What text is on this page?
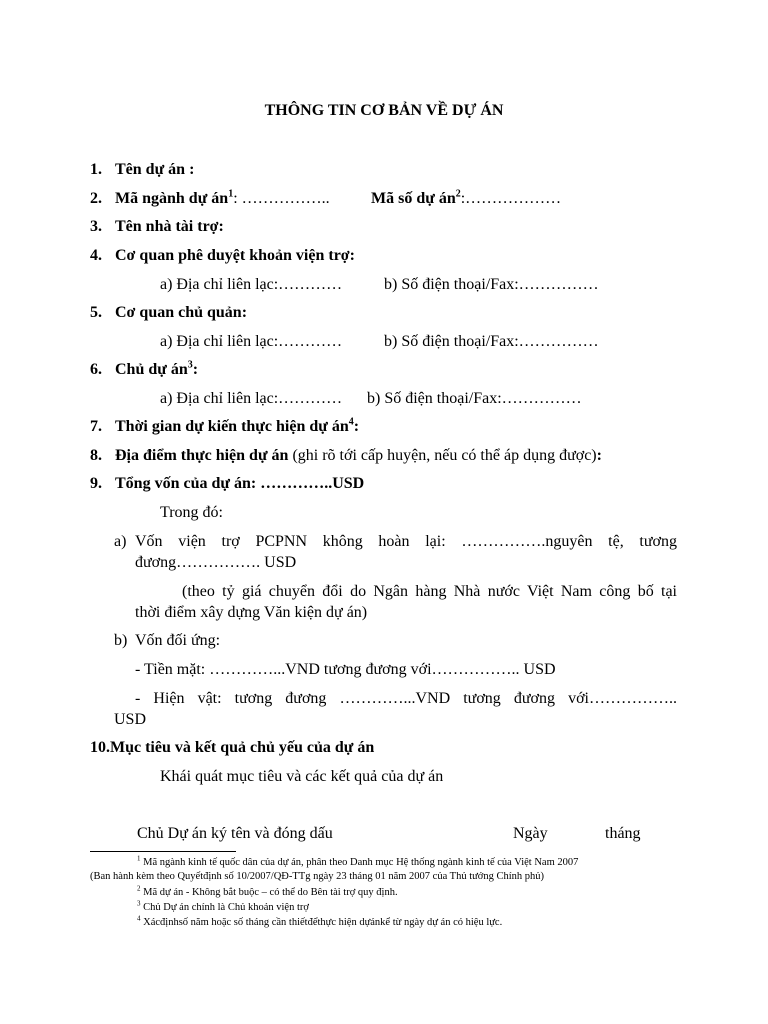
THÔNG TIN CƠ BẢN VỀ DỰ ÁN
1. Tên dự án :
2. Mã ngành dự $án^1$: ……………..	Mã số dự $án^2:\dots\dots\dots\dots\dots\dots$
3. Tên nhà tài trợ:
4. Cơ quan phê duyệt khoản viện trợ:
a) Địa chỉ liên lạc:…………	b) Số điện thoại/Fax:……………
5. Cơ quan chủ quản:
a) Địa chỉ liên lạc:…………	b) Số điện thoại/Fax:……………
6. Chủ dự $án^3$:
a) Địa chỉ liên lạc:………… b) Số điện thoại/Fax:……………
7. Thời gian dự kiến thực hiện dự $án^4$:
8. Địa điểm thực hiện dự án (ghi rõ tới cấp huyện, nếu có thể áp dụng được):
9. Tổng vốn của dự án: …………..USD
Trong đó:
a) Vốn viện trợ PCPNN không hoàn lại: …………….nguyên tệ, tương
đương……………. USD
(theo tỷ giá chuyển đổi do Ngân hàng Nhà nước Việt Nam công bố tại
thời điểm xây dựng Văn kiện dự án)
b) Vốn đối ứng:
- Tiền mặt: …………...VND tương đương với…………….. USD
- Hiện vật: tương đương …………...VND tương đương với……………..
USD
10.Mục tiêu và kết quả chủ yếu của dự án
Khái quát mục tiêu và các kết quả của dự án
Chủ Dự án ký tên và đóng dấu	Ngày	tháng
$^1$ Mã ngành kinh tế quốc dân của dự án, phân theo Danh mục Hệ thống ngành kinh tế của Việt Nam 2007
(Ban hành kèm theo Quyếtđịnh số 10/2007/QĐ-TTg ngày 23 tháng 01 năm 2007 của Thủ tướng Chính phủ)
$^2$ Mã dự án - Không bắt buộc – có thể do Bên tài trợ quy định.
$^3$ Chủ Dự án chính là Chủ khoản viện trợ
$^4$ Xácđịnhsố năm hoặc số tháng cần thiếtđểthực hiện dựánkể từ ngày dự án có hiệu lực.
